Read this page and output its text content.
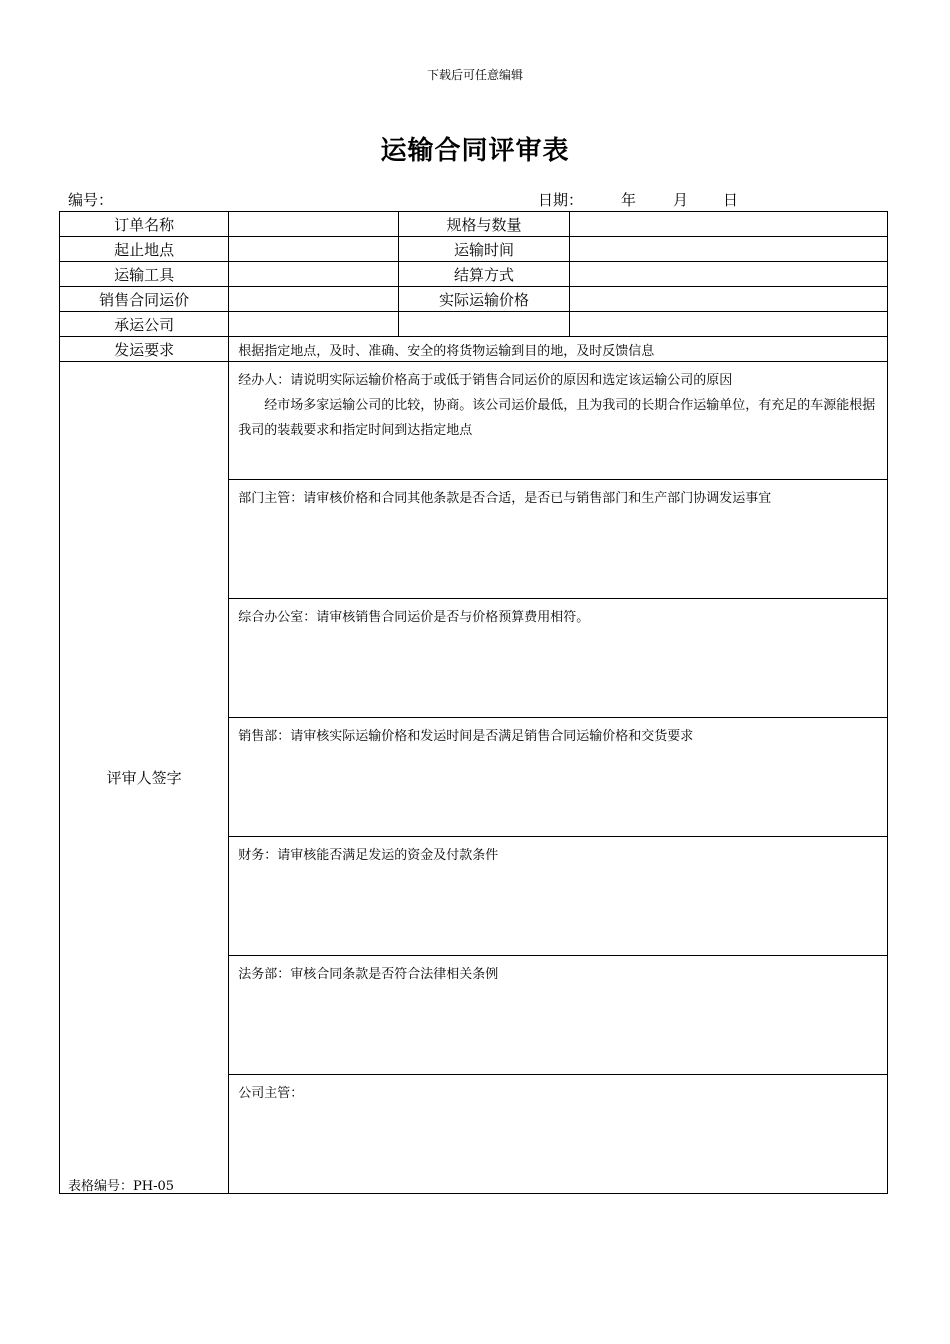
下载后可任意编辑
运输合同评审表
编号：	日期：	年 月 日
订单名称		规格与数量	
起止地点		运输时间	
运输工具		结算方式	
销售合同运价		实际运输价格	
承运公司			
发运要求	根据指定地点，及时、准确、安全的将货物运输到目的地，及时反馈信息		
评审人签字	经办人：请说明实际运输价格高于或低于销售合同运价的原因和选定该运输公司的原因
经市场多家运输公司的比较，协商。该公司运价最低，且为我司的长期合作运输单位，有充足的车源能根据我司的装载要求和指定时间到达指定地点		

	部门主管：请审核价格和合同其他条款是否合适，是否已与销售部门和生产部门协调发运事宜		

	综合办公室：请审核销售合同运价是否与价格预算费用相符。		

	销售部：请审核实际运输价格和发运时间是否满足销售合同运输价格和交货要求		

	财务：请审核能否满足发运的资金及付款条件		

	法务部：审核合同条款是否符合法律相关条例		

	公司主管：		
表格编号：PH-05
